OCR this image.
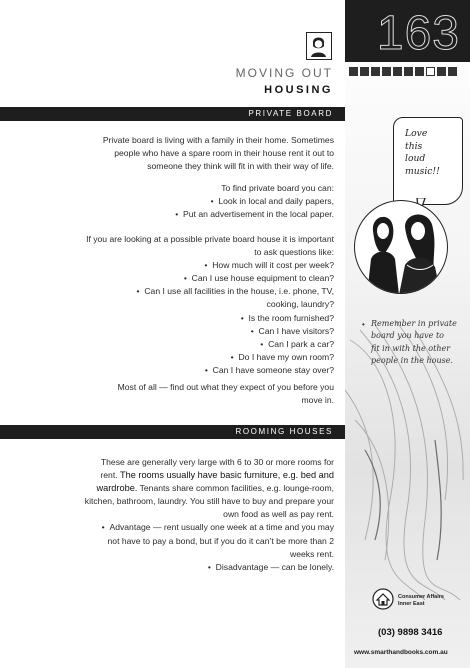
163
MOVING OUT
HOUSING
PRIVATE BOARD

Private board is living with a family in their home. Sometimes

people who have a spare room in their house rent it out to

someone they think will fit in with their way of life.

To find private board you can:

•  Look in local and daily papers,

•  Put an advertisement in the local paper.

If you are looking at a possible private board house it is important

to ask questions like:

•  How much will it cost per week?

•  Can I use house equipment to clean?

•  Can I use all facilities in the house, i.e. phone, TV,

cooking, laundry?

•  Is the room furnished?

•  Can I have visitors?

•  Can I park a car?

•  Do I have my own room?

•  Can I have someone stay over?

Most of all — find out what they expect of you before you

move in.

ROOMING HOUSES

These are generally very large with 6 to 30 or more rooms for

rent. The rooms usually have basic furniture, e.g. bed and

wardrobe. Tenants share common facilities, e.g. lounge-room,

kitchen, bathroom, laundry. You still have to buy and prepare your

own food as well as pay rent.

•  Advantage — rent usually one week at a time and you may

not have to pay a bond, but if you do it can’t be more than 2

weeks rent.

•  Disadvantage — can be lonely.

Love
this
loud
music!!
• Remember in private
board you have to
fit in with the other
people in the house.
Consumer Affairs
Inner East
(03) 9898 3416
www.smarthandbooks.com.au
